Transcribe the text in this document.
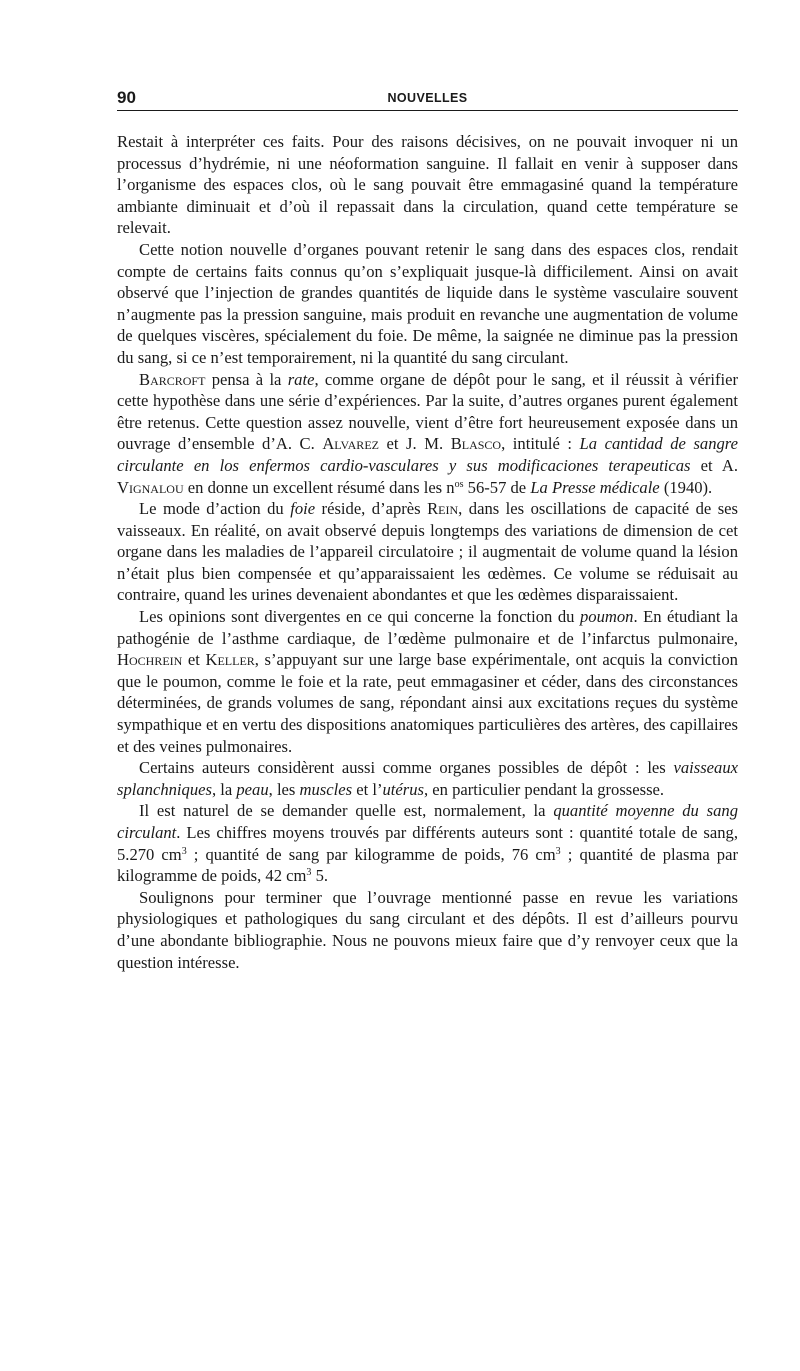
90	NOUVELLES

Restait à interpréter ces faits. Pour des raisons décisives, on ne pouvait invoquer ni un processus d’hydrémie, ni une néoformation sanguine. Il fallait en venir à supposer dans l’organisme des espaces clos, où le sang pouvait être emmagasiné quand la température ambiante diminuait et d’où il repassait dans la circulation, quand cette température se relevait.

Cette notion nouvelle d’organes pouvant retenir le sang dans des espaces clos, rendait compte de certains faits connus qu’on s’expliquait jusque-là difficilement. Ainsi on avait observé que l’injection de grandes quantités de liquide dans le système vasculaire souvent n’augmente pas la pression sanguine, mais produit en revanche une augmentation de volume de quelques viscères, spécialement du foie. De même, la saignée ne diminue pas la pression du sang, si ce n’est temporairement, ni la quantité du sang circulant.

Barcroft pensa à la rate, comme organe de dépôt pour le sang, et il réussit à vérifier cette hypothèse dans une série d’expériences. Par la suite, d’autres organes purent également être retenus. Cette question assez nouvelle, vient d’être fort heureusement exposée dans un ouvrage d’ensemble d’A. C. Alvarez et J. M. Blasco, intitulé : La cantidad de sangre circulante en los enfermos cardio-vasculares y sus modificaciones terapeuticas et A. Vignalou en donne un excellent résumé dans les $n^{os}$ 56-57 de La Presse médicale (1940).

Le mode d’action du foie réside, d’après Rein, dans les oscillations de capacité de ses vaisseaux. En réalité, on avait observé depuis longtemps des variations de dimension de cet organe dans les maladies de l’appareil circulatoire ; il augmentait de volume quand la lésion n’était plus bien compensée et qu’apparaissaient les œdèmes. Ce volume se réduisait au contraire, quand les urines devenaient abondantes et que les œdèmes disparaissaient.

Les opinions sont divergentes en ce qui concerne la fonction du poumon. En étudiant la pathogénie de l’asthme cardiaque, de l’œdème pulmonaire et de l’infarctus pulmonaire, Hochrein et Keller, s’appuyant sur une large base expérimentale, ont acquis la conviction que le poumon, comme le foie et la rate, peut emmagasiner et céder, dans des circonstances déterminées, de grands volumes de sang, répondant ainsi aux excitations reçues du système sympathique et en vertu des dispositions anatomiques particulières des artères, des capillaires et des veines pulmonaires.

Certains auteurs considèrent aussi comme organes possibles de dépôt : les vaisseaux splanchniques, la peau, les muscles et l’utérus, en particulier pendant la grossesse.

Il est naturel de se demander quelle est, normalement, la quantité moyenne du sang circulant. Les chiffres moyens trouvés par différents auteurs sont : quantité totale de sang, 5.270 $cm^3$ ; quantité de sang par kilogramme de poids, 76 $cm^3$ ; quantité de plasma par kilogramme de poids, 42 $cm^3$ 5.

Soulignons pour terminer que l’ouvrage mentionné passe en revue les variations physiologiques et pathologiques du sang circulant et des dépôts. Il est d’ailleurs pourvu d’une abondante bibliographie. Nous ne pouvons mieux faire que d’y renvoyer ceux que la question intéresse.
